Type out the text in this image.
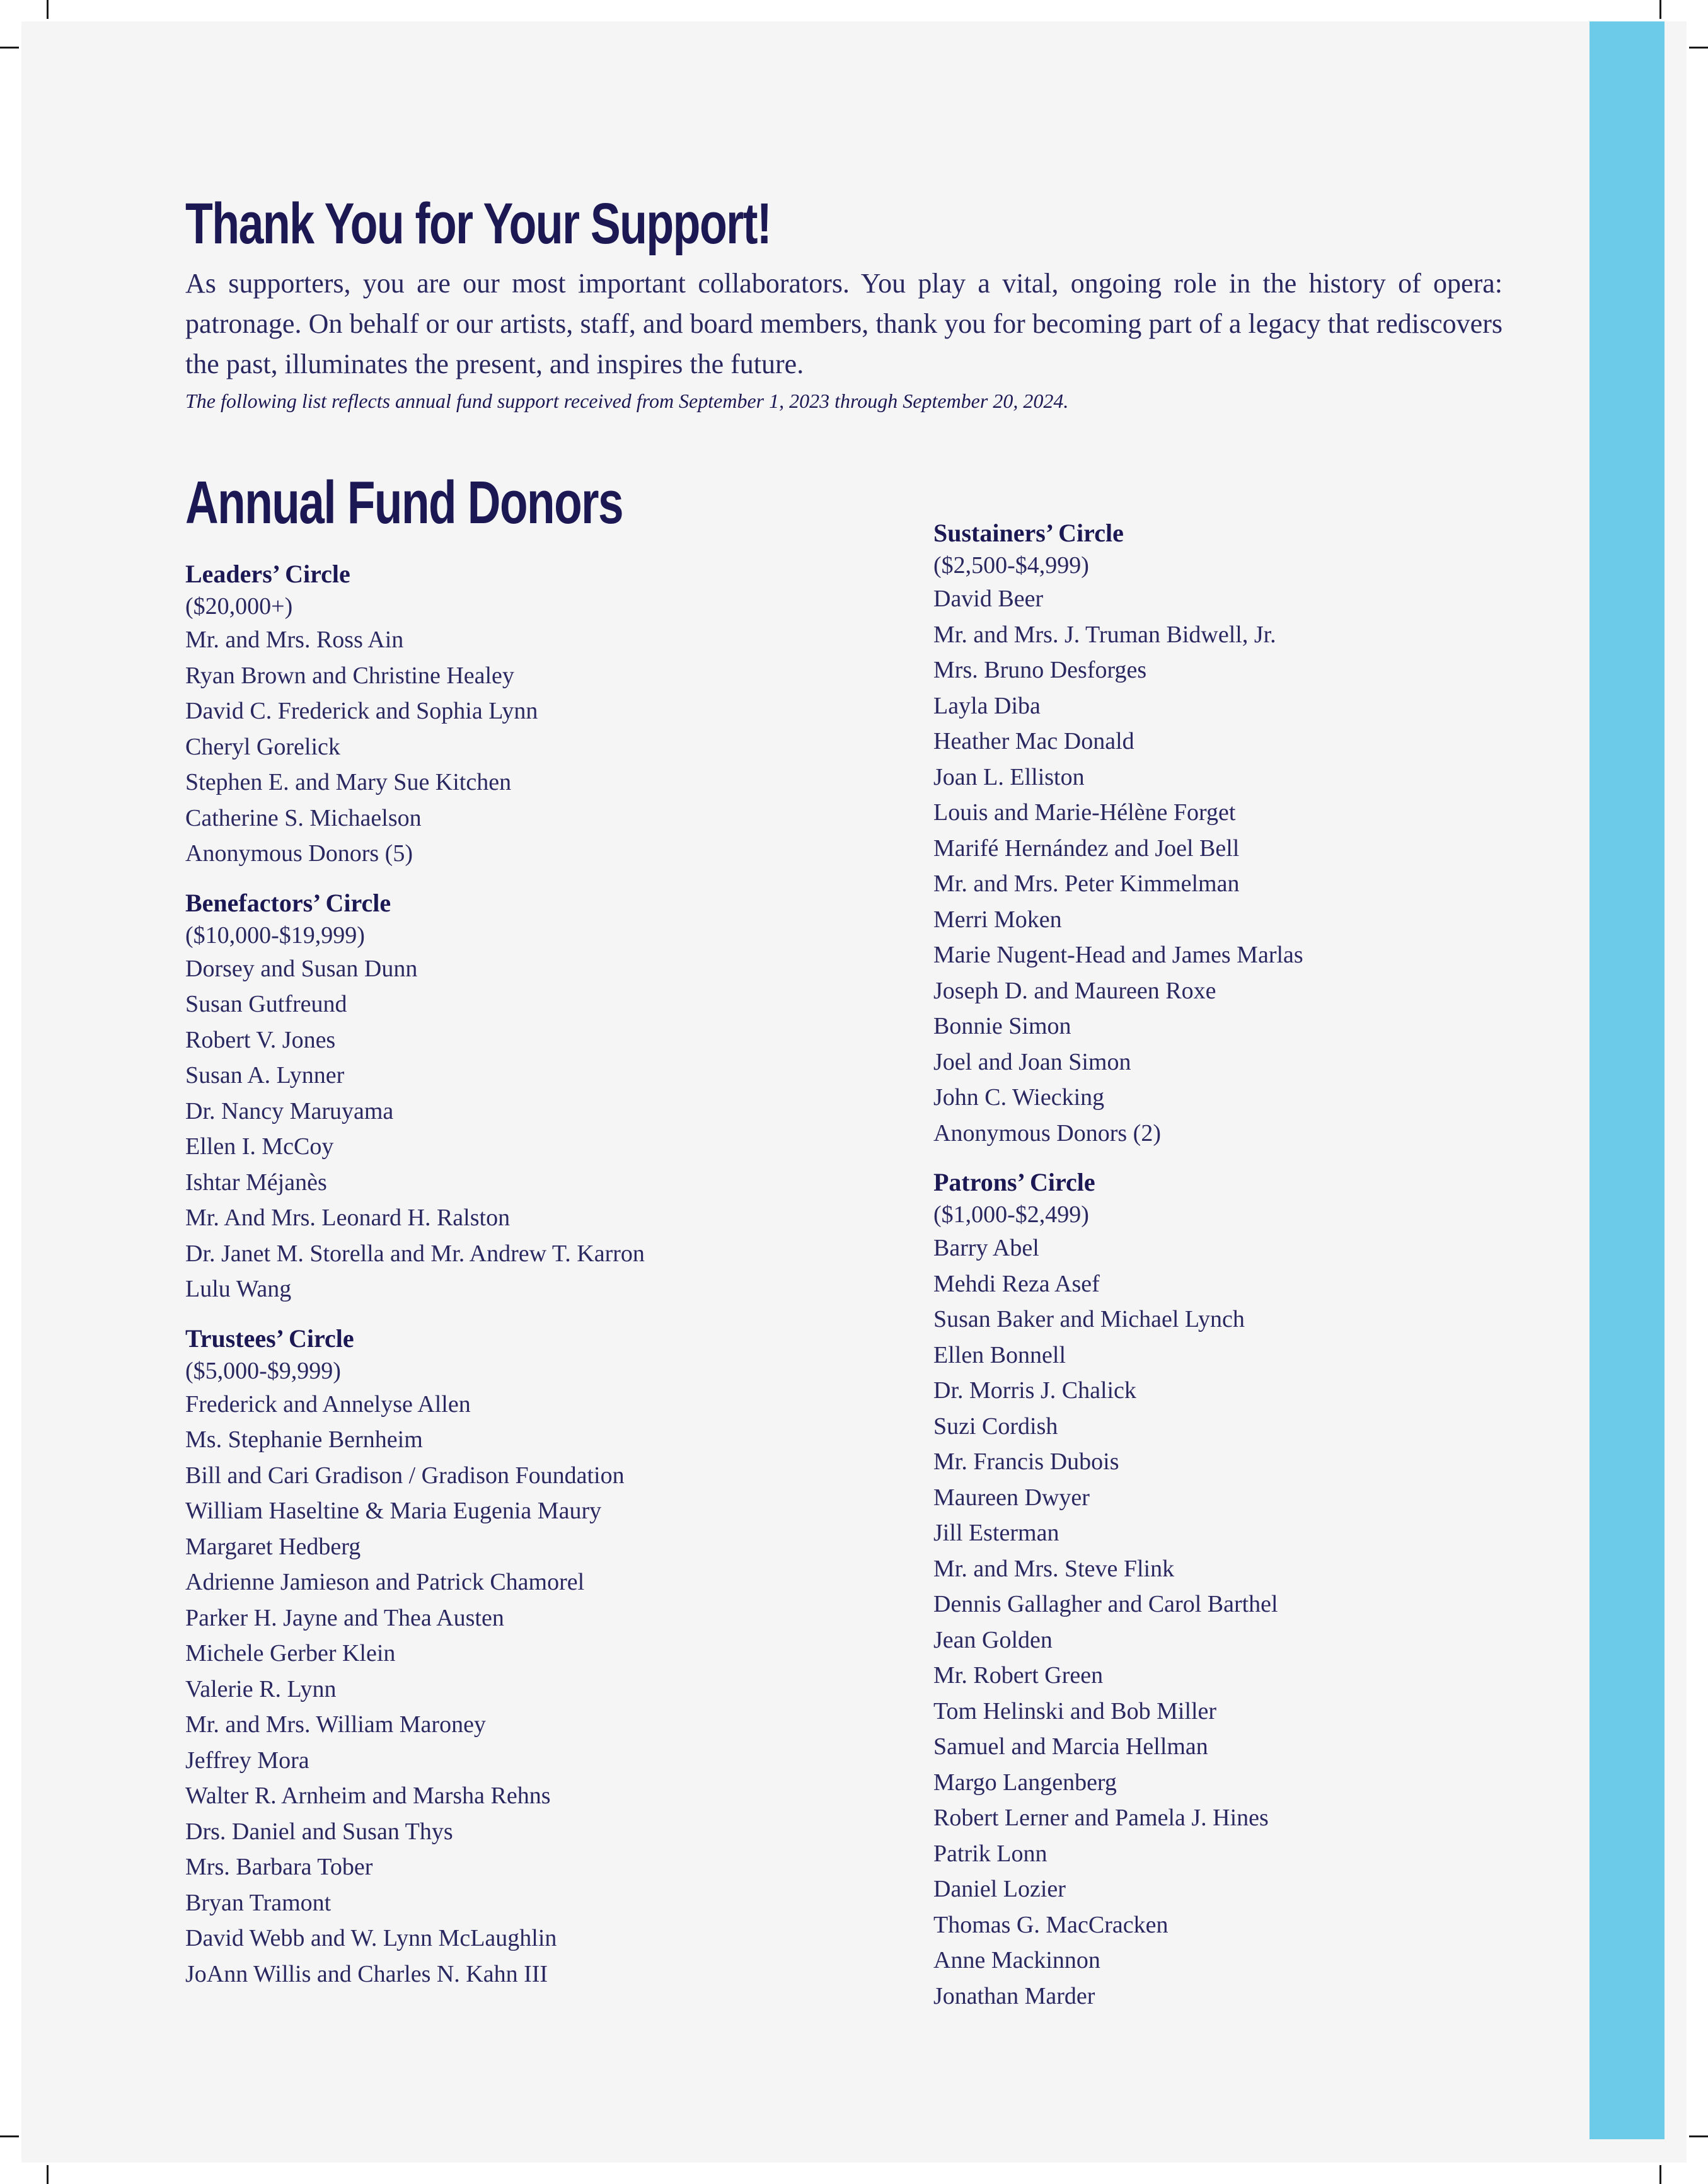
Thank You for Your Support!

As supporters, you are our most important collaborators. You play a vital, ongoing role in the history of opera: patronage. On behalf or our artists, staff, and board members, thank you for becoming part of a legacy that rediscovers the past, illuminates the present, and inspires the future.

The following list reflects annual fund support received from September 1, 2023 through September 20, 2024.

Annual Fund Donors
Leaders’ Circle
($20,000+)
Mr. and Mrs. Ross Ain
Ryan Brown and Christine Healey
David C. Frederick and Sophia Lynn
Cheryl Gorelick
Stephen E. and Mary Sue Kitchen
Catherine S. Michaelson
Anonymous Donors (5)
Benefactors’ Circle
($10,000-$19,999)
Dorsey and Susan Dunn
Susan Gutfreund
Robert V. Jones
Susan A. Lynner
Dr. Nancy Maruyama
Ellen I. McCoy
Ishtar Méjanès
Mr. And Mrs. Leonard H. Ralston
Dr. Janet M. Storella and Mr. Andrew T. Karron
Lulu Wang
Trustees’ Circle
($5,000-$9,999)
Frederick and Annelyse Allen
Ms. Stephanie Bernheim
Bill and Cari Gradison / Gradison Foundation
William Haseltine & Maria Eugenia Maury
Margaret Hedberg
Adrienne Jamieson and Patrick Chamorel
Parker H. Jayne and Thea Austen
Michele Gerber Klein
Valerie R. Lynn
Mr. and Mrs. William Maroney
Jeffrey Mora
Walter R. Arnheim and Marsha Rehns
Drs. Daniel and Susan Thys
Mrs. Barbara Tober
Bryan Tramont
David Webb and W. Lynn McLaughlin
JoAnn Willis and Charles N. Kahn III
Sustainers’ Circle
($2,500-$4,999)
David Beer
Mr. and Mrs. J. Truman Bidwell, Jr.
Mrs. Bruno Desforges
Layla Diba
Heather Mac Donald
Joan L. Elliston
Louis and Marie-Hélène Forget
Marifé Hernández and Joel Bell
Mr. and Mrs. Peter Kimmelman
Merri Moken
Marie Nugent-Head and James Marlas
Joseph D. and Maureen Roxe
Bonnie Simon
Joel and Joan Simon
John C. Wiecking
Anonymous Donors (2)
Patrons’ Circle
($1,000-$2,499)
Barry Abel
Mehdi Reza Asef
Susan Baker and Michael Lynch
Ellen Bonnell
Dr. Morris J. Chalick
Suzi Cordish
Mr. Francis Dubois
Maureen Dwyer
Jill Esterman
Mr. and Mrs. Steve Flink
Dennis Gallagher and Carol Barthel
Jean Golden
Mr. Robert Green
Tom Helinski and Bob Miller
Samuel and Marcia Hellman
Margo Langenberg
Robert Lerner and Pamela J. Hines
Patrik Lonn
Daniel Lozier
Thomas G. MacCracken
Anne Mackinnon
Jonathan Marder
